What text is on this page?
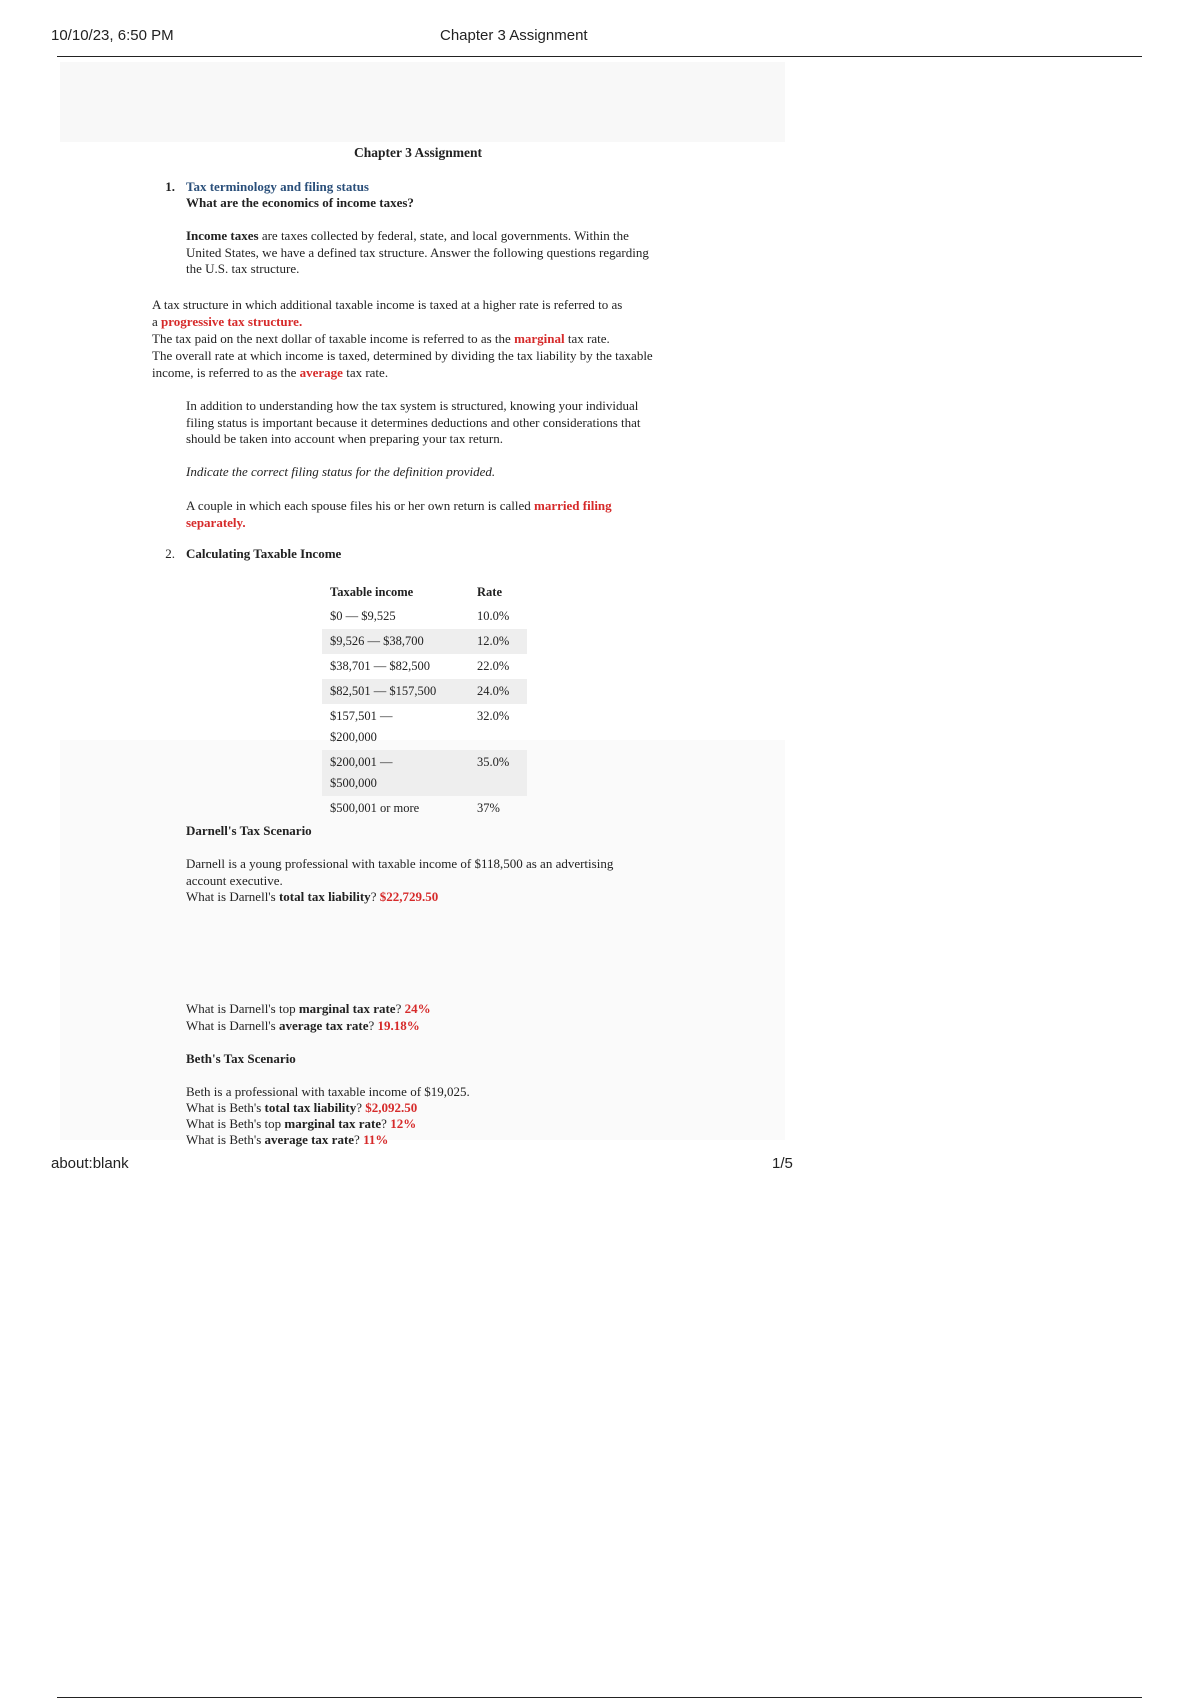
10/10/23, 6:50 PM	Chapter 3 Assignment
Chapter 3 Assignment
1. Tax terminology and filing status
What are the economics of income taxes?
Income taxes are taxes collected by federal, state, and local governments. Within the
United States, we have a defined tax structure. Answer the following questions regarding
the U.S. tax structure.
A tax structure in which additional taxable income is taxed at a higher rate is referred to as
a progressive tax structure.
The tax paid on the next dollar of taxable income is referred to as the marginal tax rate.
The overall rate at which income is taxed, determined by dividing the tax liability by the taxable
income, is referred to as the average tax rate.
In addition to understanding how the tax system is structured, knowing your individual
filing status is important because it determines deductions and other considerations that
should be taken into account when preparing your tax return.
Indicate the correct filing status for the definition provided.
A couple in which each spouse files his or her own return is called married filing
separately.
2. Calculating Taxable Income
Taxable income	Rate
$0 — $9,525	10.0%
$9,526 — $38,700	12.0%
$38,701 — $82,500	22.0%
$82,501 — $157,500	24.0%

$157,501 —
$200,000	32.0%

$200,001 —
$500,000	35.0%
$500,001 or more	37%
Darnell's Tax Scenario
Darnell is a young professional with taxable income of $118,500 as an advertising
account executive.
What is Darnell's total tax liability? $22,729.50
What is Darnell's top marginal tax rate? 24%
What is Darnell's average tax rate? 19.18%
Beth's Tax Scenario
Beth is a professional with taxable income of $19,025.
What is Beth's total tax liability? $2,092.50
What is Beth's top marginal tax rate? 12%
What is Beth's average tax rate? 11%
about:blank	1/5
